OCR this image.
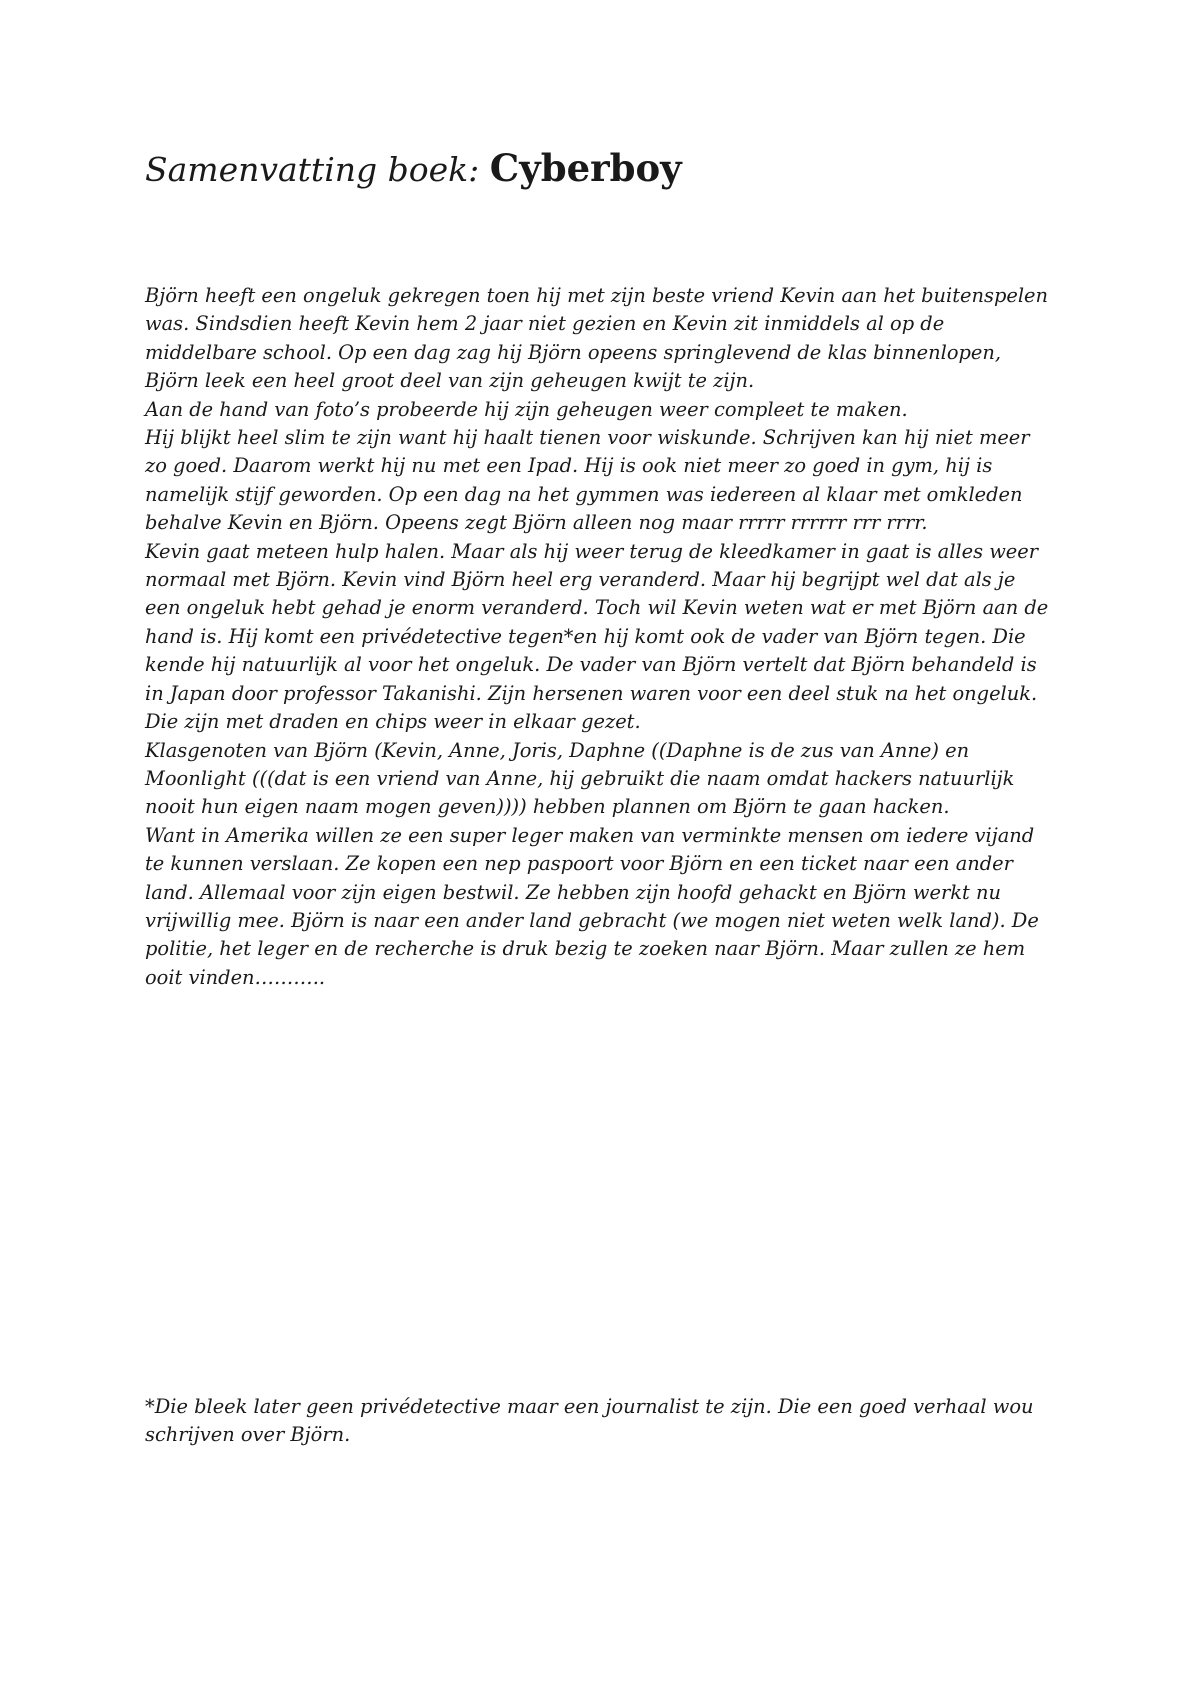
Samenvatting boek: Cyberboy
Björn heeft een ongeluk gekregen toen hij met zijn beste vriend Kevin aan het buitenspelen
was. Sindsdien heeft Kevin hem 2 jaar niet gezien en Kevin zit inmiddels al op de
middelbare school. Op een dag zag hij Björn opeens springlevend de klas binnenlopen,
Björn leek een heel groot deel van zijn geheugen kwijt te zijn.
Aan de hand van foto’s probeerde hij zijn geheugen weer compleet te maken.
Hij blijkt heel slim te zijn want hij haalt tienen voor wiskunde. Schrijven kan hij niet meer
zo goed. Daarom werkt hij nu met een Ipad. Hij is ook niet meer zo goed in gym, hij is
namelijk stijf geworden. Op een dag na het gymmen was iedereen al klaar met omkleden
behalve Kevin en Björn. Opeens zegt Björn alleen nog maar rrrrr rrrrrr rrr rrrr.
Kevin gaat meteen hulp halen. Maar als hij weer terug de kleedkamer in gaat is alles weer
normaal met Björn. Kevin vind Björn heel erg veranderd. Maar hij begrijpt wel dat als je
een ongeluk hebt gehad je enorm veranderd. Toch wil Kevin weten wat er met Björn aan de
hand is. Hij komt een privédetective tegen*en hij komt ook de vader van Björn tegen. Die
kende hij natuurlijk al voor het ongeluk. De vader van Björn vertelt dat Björn behandeld is
in Japan door professor Takanishi. Zijn hersenen waren voor een deel stuk na het ongeluk.
Die zijn met draden en chips weer in elkaar gezet.
Klasgenoten van Björn (Kevin, Anne, Joris, Daphne ((Daphne is de zus van Anne) en
Moonlight (((dat is een vriend van Anne, hij gebruikt die naam omdat hackers natuurlijk
nooit hun eigen naam mogen geven)))) hebben plannen om Björn te gaan hacken.
Want in Amerika willen ze een super leger maken van verminkte mensen om iedere vijand
te kunnen verslaan. Ze kopen een nep paspoort voor Björn en een ticket naar een ander
land. Allemaal voor zijn eigen bestwil. Ze hebben zijn hoofd gehackt en Björn werkt nu
vrijwillig mee. Björn is naar een ander land gebracht (we mogen niet weten welk land). De
politie, het leger en de recherche is druk bezig te zoeken naar Björn. Maar zullen ze hem
ooit vinden………..
*Die bleek later geen privédetective maar een journalist te zijn. Die een goed verhaal wou
schrijven over Björn.
